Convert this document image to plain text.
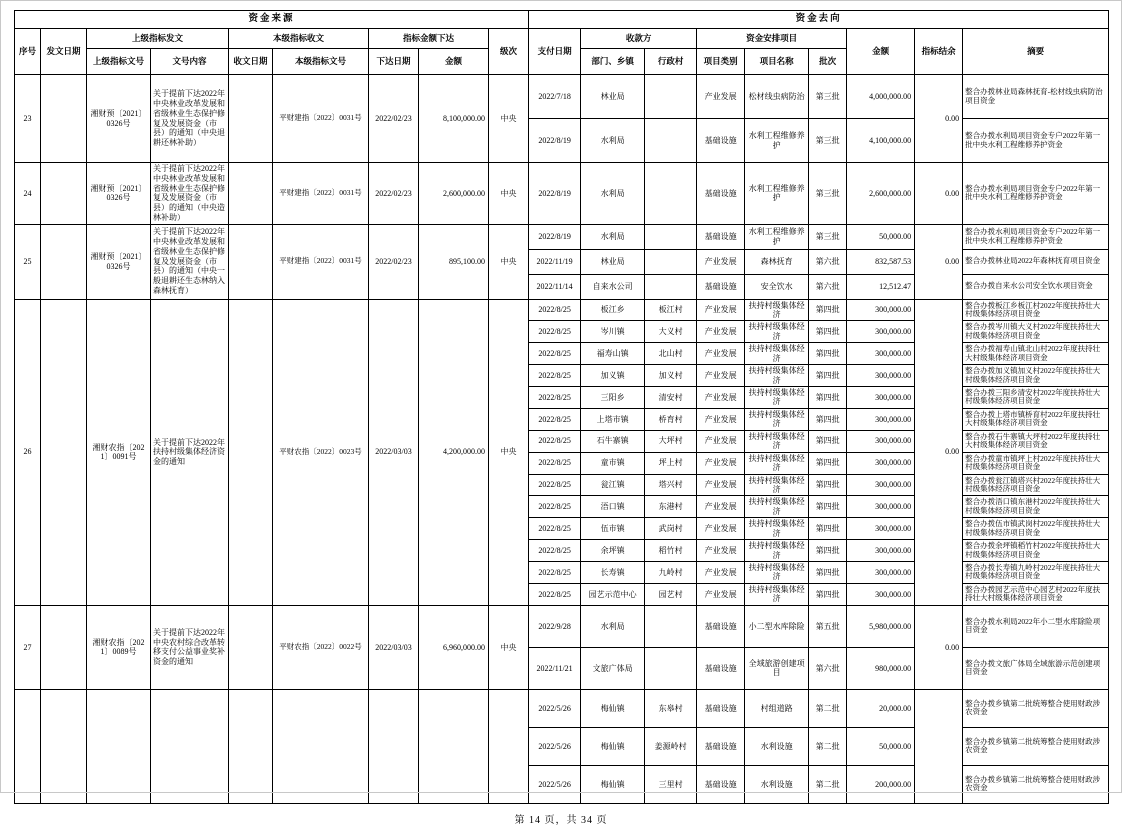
资金来源									资金去向								
序号	发文日期	上级指标发文		本级指标收文		指标金额下达		级次	支付日期	收款方		资金安排项目			金额	指标结余	摘要
		上级指标文号	文号内容	收文日期	本级指标文号	下达日期	金额			部门、乡镇	行政村	项目类别	项目名称	批次			
23		湘财预〔2021〕0326号	关于提前下达2022年中央林业改革发展和省级林业生态保护修复及发展资金（市县）的通知（中央退耕还林补助）		平财建指〔2022〕0031号	2022/02/23	8,100,000.00	中央	2022/7/18	林业局		产业发展	松材线虫病防治	第三批	4,000,000.00	0.00	整合办拨林业局森林抚育-松材线虫病防治项目资金
									2022/8/19	水利局		基础设施	水利工程维修养护	第三批	4,100,000.00		整合办拨水利局项目资金专户2022年第一批中央水利工程维修养护资金
24		湘财预〔2021〕0326号	关于提前下达2022年中央林业改革发展和省级林业生态保护修复及发展资金（市县）的通知（中央造林补助）		平财建指〔2022〕0031号	2022/02/23	2,600,000.00	中央	2022/8/19	水利局		基础设施	水利工程维修养护	第三批	2,600,000.00	0.00	整合办拨水利局项目资金专户2022年第一批中央水利工程维修养护资金
25		湘财预〔2021〕0326号	关于提前下达2022年中央林业改革发展和省级林业生态保护修复及发展资金（市县）的通知（中央一般退耕还生态林纳入森林抚育）		平财建指〔2022〕0031号	2022/02/23	895,100.00	中央	2022/8/19	水利局		基础设施	水利工程维修养护	第三批	50,000.00	0.00	整合办拨水利局项目资金专户2022年第一批中央水利工程维修养护资金
									2022/11/19	林业局		产业发展	森林抚育	第六批	832,587.53		整合办拨林业局2022年森林抚育项目资金
									2022/11/14	自来水公司		基础设施	安全饮水	第六批	12,512.47		整合办拨自来水公司安全饮水项目资金
26		湘财农指〔2021〕0091号	关于提前下达2022年扶持村级集体经济资金的通知		平财农指〔2022〕0023号	2022/03/03	4,200,000.00	中央	2022/8/25	板江乡	板江村	产业发展	扶持村级集体经济	第四批	300,000.00	0.00	整合办拨板江乡板江村2022年度扶持壮大村级集体经济项目资金
									2022/8/25	岑川镇	大义村	产业发展	扶持村级集体经济	第四批	300,000.00		整合办拨岑川镇大义村2022年度扶持壮大村级集体经济项目资金
									2022/8/25	福寿山镇	北山村	产业发展	扶持村级集体经济	第四批	300,000.00		整合办拨福寿山镇北山村2022年度扶持壮大村级集体经济项目资金
									2022/8/25	加义镇	加义村	产业发展	扶持村级集体经济	第四批	300,000.00		整合办拨加义镇加义村2022年度扶持壮大村级集体经济项目资金
									2022/8/25	三阳乡	清安村	产业发展	扶持村级集体经济	第四批	300,000.00		整合办拨三阳乡清安村2022年度扶持壮大村级集体经济项目资金
									2022/8/25	上塔市镇	桥育村	产业发展	扶持村级集体经济	第四批	300,000.00		整合办拨上塔市镇桥育村2022年度扶持壮大村级集体经济项目资金
									2022/8/25	石牛寨镇	大坪村	产业发展	扶持村级集体经济	第四批	300,000.00		整合办拨石牛寨镇大坪村2022年度扶持壮大村级集体经济项目资金
									2022/8/25	童市镇	坪上村	产业发展	扶持村级集体经济	第四批	300,000.00		整合办拨童市镇坪上村2022年度扶持壮大村级集体经济项目资金
									2022/8/25	瓮江镇	塔兴村	产业发展	扶持村级集体经济	第四批	300,000.00		整合办拨瓮江镇塔兴村2022年度扶持壮大村级集体经济项目资金
									2022/8/25	浯口镇	东港村	产业发展	扶持村级集体经济	第四批	300,000.00		整合办拨浯口镇东港村2022年度扶持壮大村级集体经济项目资金
									2022/8/25	伍市镇	武岗村	产业发展	扶持村级集体经济	第四批	300,000.00		整合办拨伍市镇武岗村2022年度扶持壮大村级集体经济项目资金
									2022/8/25	余坪镇	稻竹村	产业发展	扶持村级集体经济	第四批	300,000.00		整合办拨余坪镇稻竹村2022年度扶持壮大村级集体经济项目资金
									2022/8/25	长寿镇	九岭村	产业发展	扶持村级集体经济	第四批	300,000.00		整合办拨长寿镇九岭村2022年度扶持壮大村级集体经济项目资金
									2022/8/25	园艺示范中心	园艺村	产业发展	扶持村级集体经济	第四批	300,000.00		整合办拨园艺示范中心园艺村2022年度扶持壮大村级集体经济项目资金
27		湘财农指〔2021〕0089号	关于提前下达2022年中央农村综合改革转移支付公益事业奖补资金的通知		平财农指〔2022〕0022号	2022/03/03	6,960,000.00	中央	2022/9/28	水利局		基础设施	小二型水库除险	第五批	5,980,000.00	0.00	整合办拨水利局2022年小二型水库除险项目资金
									2022/11/21	文旅广体局		基础设施	全域旅游创建项目	第六批	980,000.00		整合办拨文旅广体局全域旅游示范创建项目资金
									2022/5/26	梅仙镇	东皋村	基础设施	村组道路	第二批	20,000.00		整合办拨乡镇第二批统筹整合使用财政涉农资金
									2022/5/26	梅仙镇	姜源岭村	基础设施	水利设施	第二批	50,000.00		整合办拨乡镇第二批统筹整合使用财政涉农资金
									2022/5/26	梅仙镇	三里村	基础设施	水利设施	第二批	200,000.00		整合办拨乡镇第二批统筹整合使用财政涉农资金
第 14 页，共 34 页
